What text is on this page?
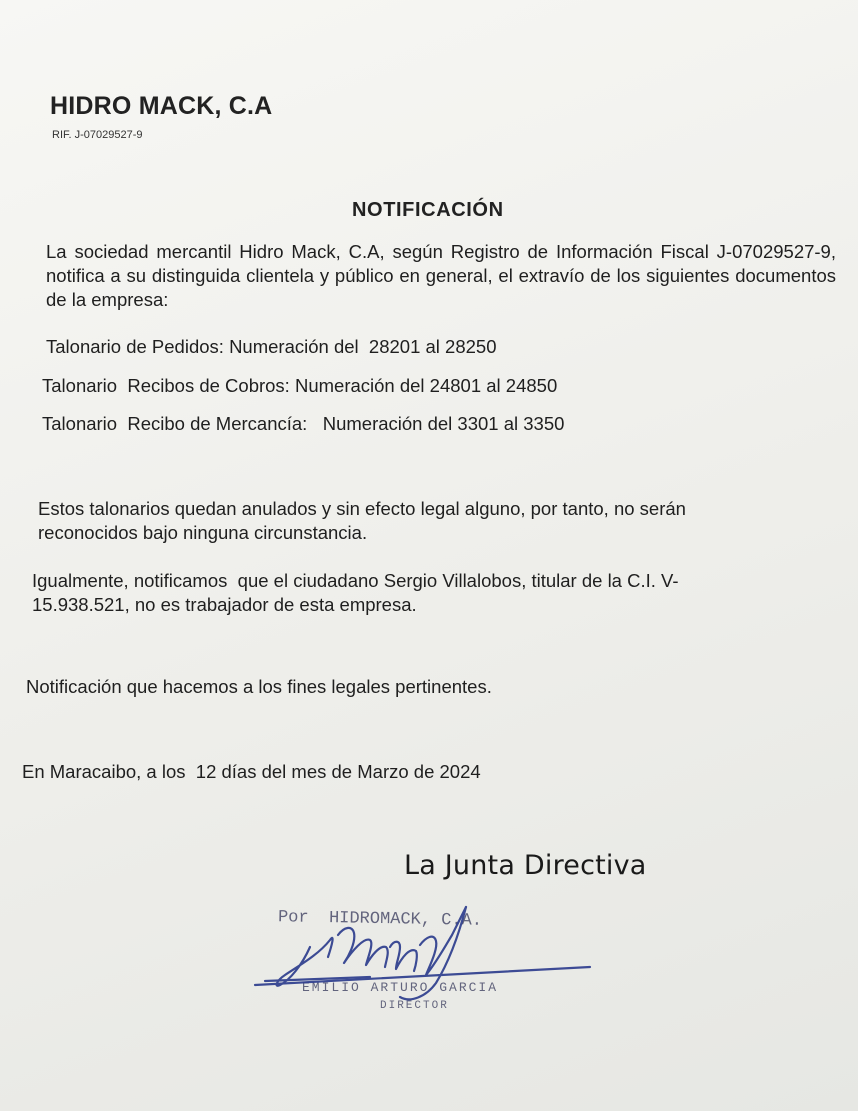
HIDRO MACK, C.A
RIF. J-07029527-9
NOTIFICACIÓN
La sociedad mercantil Hidro Mack, C.A, según Registro de Información Fiscal J-07029527-9, notifica a su distinguida clientela y público en general, el extravío de los siguientes documentos de la empresa:
Talonario de Pedidos: Numeración del  28201 al 28250
Talonario  Recibos de Cobros: Numeración del 24801 al 24850
Talonario  Recibo de Mercancía:   Numeración del 3301 al 3350
Estos talonarios quedan anulados y sin efecto legal alguno, por tanto, no serán
reconocidos bajo ninguna circunstancia.
Igualmente, notificamos  que el ciudadano Sergio Villalobos, titular de la C.I. V-
15.938.521, no es trabajador de esta empresa.
Notificación que hacemos a los fines legales pertinentes.
En Maracaibo, a los  12 días del mes de Marzo de 2024
La Junta Directiva
Por  HIDROMACK, C.A.
EMILIO ARTURO GARCIA
DIRECTOR
